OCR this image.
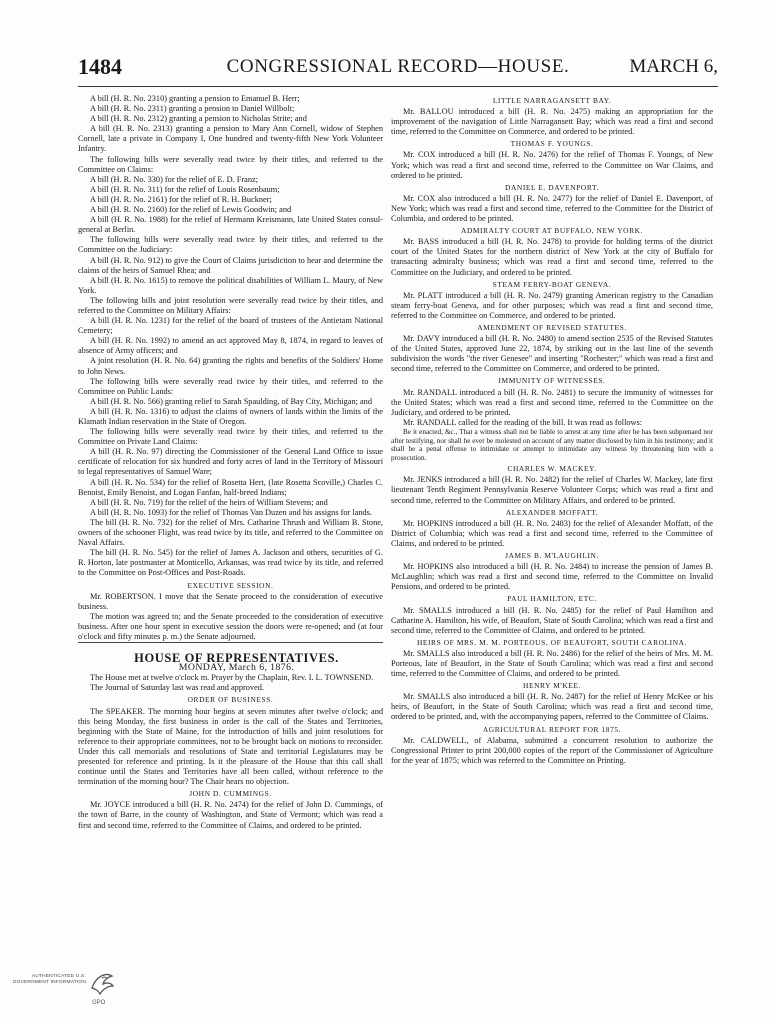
1484	CONGRESSIONAL RECORD—HOUSE.	MARCH 6,

A bill (H. R. No. 2310) granting a pension to Emanuel B. Herr;

A bill (H. R. No. 2311) granting a pension to Daniel Willbolt;

A bill (H. R. No. 2312) granting a pension to Nicholas Strite; and

A bill (H. R. No. 2313) granting a pension to Mary Ann Cornell, widow of Stephen Cornell, late a private in Company I, One hundred and twenty-fifth New York Volunteer Infantry.

The following bills were severally read twice by their titles, and referred to the Committee on Claims:

A bill (H. R. No. 330) for the relief of E. D. Franz;

A bill (H. R. No. 311) for the relief of Louis Rosenbaum;

A bill (H. R. No. 2161) for the relief of R. H. Buckner;

A bill (H. R. No. 2160) for the relief of Lewis Goodwin; and

A bill (H. R. No. 1988) for the relief of Hermann Kreismann, late United States consul-general at Berlin.

The following bills were severally read twice by their titles, and referred to the Committee on the Judiciary:

A bill (H. R. No. 912) to give the Court of Claims jurisdiction to hear and determine the claims of the heirs of Samuel Rhea; and

A bill (H. R. No. 1615) to remove the political disabilities of William L. Maury, of New York.

The following bills and joint resolution were severally read twice by their titles, and referred to the Committee on Military Affairs:

A bill (H. R. No. 1231) for the relief of the board of trustees of the Antietam National Cemetery;

A bill (H. R. No. 1992) to amend an act approved May 8, 1874, in regard to leaves of absence of Army officers; and

A joint resolution (H. R. No. 64) granting the rights and benefits of the Soldiers' Home to John News.

The following bills were severally read twice by their titles, and referred to the Committee on Public Lands:

A bill (H. R. No. 566) granting relief to Sarah Spaulding, of Bay City, Michigan; and

A bill (H. R. No. 1316) to adjust the claims of owners of lands within the limits of the Klamath Indian reservation in the State of Oregon.

The following bills were severally read twice by their titles, and referred to the Committee on Private Land Claims:

A bill (H. R. No. 97) directing the Commissioner of the General Land Office to issue certificate of relocation for six hundred and forty acres of land in the Territory of Missouri to legal representatives of Samuel Ware;

A bill (H. R. No. 534) for the relief of Rosetta Hert, (late Rosetta Scoville,) Charles C. Benoist, Emily Benoist, and Logan Fanfan, half-breed Indians;

A bill (H. R. No. 719) for the relief of the heirs of William Stevens; and

A bill (H. R. No. 1093) for the relief of Thomas Van Duzen and his assigns for lands.

The bill (H. R. No. 732) for the relief of Mrs. Catharine Thrush and William B. Stone, owners of the schooner Flight, was read twice by its title, and referred to the Committee on Naval Affairs.

The bill (H. R. No. 545) for the relief of James A. Jackson and others, securities of G. R. Horton, late postmaster at Monticello, Arkansas, was read twice by its title, and referred to the Committee on Post-Offices and Post-Roads.

EXECUTIVE SESSION.

Mr. ROBERTSON. I move that the Senate proceed to the consideration of executive business.

The motion was agreed to; and the Senate proceeded to the consideration of executive business. After one hour spent in executive session the doors were re-opened; and (at four o'clock and fifty minutes p. m.) the Senate adjourned.

HOUSE OF REPRESENTATIVES.

MONDAY, March 6, 1876.

The House met at twelve o'clock m. Prayer by the Chaplain, Rev. I. L. TOWNSEND.

The Journal of Saturday last was read and approved.

ORDER OF BUSINESS.

The SPEAKER. The morning hour begins at seven minutes after twelve o'clock; and this being Monday, the first business in order is the call of the States and Territories, beginning with the State of Maine, for the introduction of bills and joint resolutions for reference to their appropriate committees, not to be brought back on motions to reconsider. Under this call memorials and resolutions of State and territorial Legislatures may be presented for reference and printing. Is it the pleasure of the House that this call shall continue until the States and Territories have all been called, without reference to the termination of the morning hour? The Chair hears no objection.

JOHN D. CUMMINGS.

Mr. JOYCE introduced a bill (H. R. No. 2474) for the relief of John D. Cummings, of the town of Barre, in the county of Washington, and State of Vermont; which was read a first and second time, referred to the Committee of Claims, and ordered to be printed.

LITTLE NARRAGANSETT BAY.

Mr. BALLOU introduced a bill (H. R. No. 2475) making an appropriation for the improvement of the navigation of Little Narragansett Bay; which was read a first and second time, referred to the Committee on Commerce, and ordered to be printed.

THOMAS F. YOUNGS.

Mr. COX introduced a bill (H. R. No. 2476) for the relief of Thomas F. Youngs, of New York; which was read a first and second time, referred to the Committee on War Claims, and ordered to be printed.

DANIEL E. DAVENPORT.

Mr. COX also introduced a bill (H. R. No. 2477) for the relief of Daniel E. Davenport, of New York; which was read a first and second time, referred to the Committee for the District of Columbia, and ordered to be printed.

ADMIRALTY COURT AT BUFFALO, NEW YORK.

Mr. BASS introduced a bill (H. R. No. 2478) to provide for holding terms of the district court of the United States for the northern district of New York at the city of Buffalo for transacting admiralty business; which was read a first and second time, referred to the Committee on the Judiciary, and ordered to be printed.

STEAM FERRY-BOAT GENEVA.

Mr. PLATT introduced a bill (H. R. No. 2479) granting American registry to the Canadian steam ferry-boat Geneva, and for other purposes; which was read a first and second time, referred to the Committee on Commerce, and ordered to be printed.

AMENDMENT OF REVISED STATUTES.

Mr. DAVY introduced a bill (H. R. No. 2480) to amend section 2535 of the Revised Statutes of the United States, approved June 22, 1874, by striking out in the last line of the seventh subdivision the words "the river Genesee" and inserting "Rochester;" which was read a first and second time, referred to the Committee on Commerce, and ordered to be printed.

IMMUNITY OF WITNESSES.

Mr. RANDALL introduced a bill (H. R. No. 2481) to secure the immunity of witnesses for the United States; which was read a first and second time, referred to the Committee on the Judiciary, and ordered to be printed.

Mr. RANDALL called for the reading of the bill. It was read as follows:

Be it enacted, &c., That a witness shall not be liable to arrest at any time after he has been subpœnaed nor after testifying, nor shall he ever be molested on account of any matter disclosed by him in his testimony; and it shall be a penal offense to intimidate or attempt to intimidate any witness by threatening him with a prosecution.

CHARLES W. MACKEY.

Mr. JENKS introduced a bill (H. R. No. 2482) for the relief of Charles W. Mackey, late first lieutenant Tenth Regiment Pennsylvania Reserve Volunteer Corps; which was read a first and second time, referred to the Committee on Military Affairs, and ordered to be printed.

ALEXANDER MOFFATT.

Mr. HOPKINS introduced a bill (H. R. No. 2483) for the relief of Alexander Moffatt, of the District of Columbia; which was read a first and second time, referred to the Committee of Claims, and ordered to be printed.

JAMES B. M'LAUGHLIN.

Mr. HOPKINS also introduced a bill (H. R. No. 2484) to increase the pension of James B. McLaughlin; which was read a first and second time, referred to the Committee on Invalid Pensions, and ordered to be printed.

PAUL HAMILTON, ETC.

Mr. SMALLS introduced a bill (H. R. No. 2485) for the relief of Paul Hamilton and Catharine A. Hamilton, his wife, of Beaufort, State of South Carolina; which was read a first and second time, referred to the Committee of Claims, and ordered to be printed.

HEIRS OF MRS. M. M. PORTEOUS, OF BEAUFORT, SOUTH CAROLINA.

Mr. SMALLS also introduced a bill (H. R. No. 2486) for the relief of the heirs of Mrs. M. M. Porteous, late of Beaufort, in the State of South Carolina; which was read a first and second time, referred to the Committee of Claims, and ordered to be printed.

HENRY M'KEE.

Mr. SMALLS also introduced a bill (H. R. No. 2487) for the relief of Henry McKee or his heirs, of Beaufort, in the State of South Carolina; which was read a first and second time, ordered to be printed, and, with the accompanying papers, referred to the Committee of Claims.

AGRICULTURAL REPORT FOR 1875.

Mr. CALDWELL, of Alabama, submitted a concurrent resolution to authorize the Congressional Printer to print 200,000 copies of the report of the Commissioner of Agriculture for the year of 1875; which was referred to the Committee on Printing.

AUTHENTICATED U.S. GOVERNMENT INFORMATION
GPO
